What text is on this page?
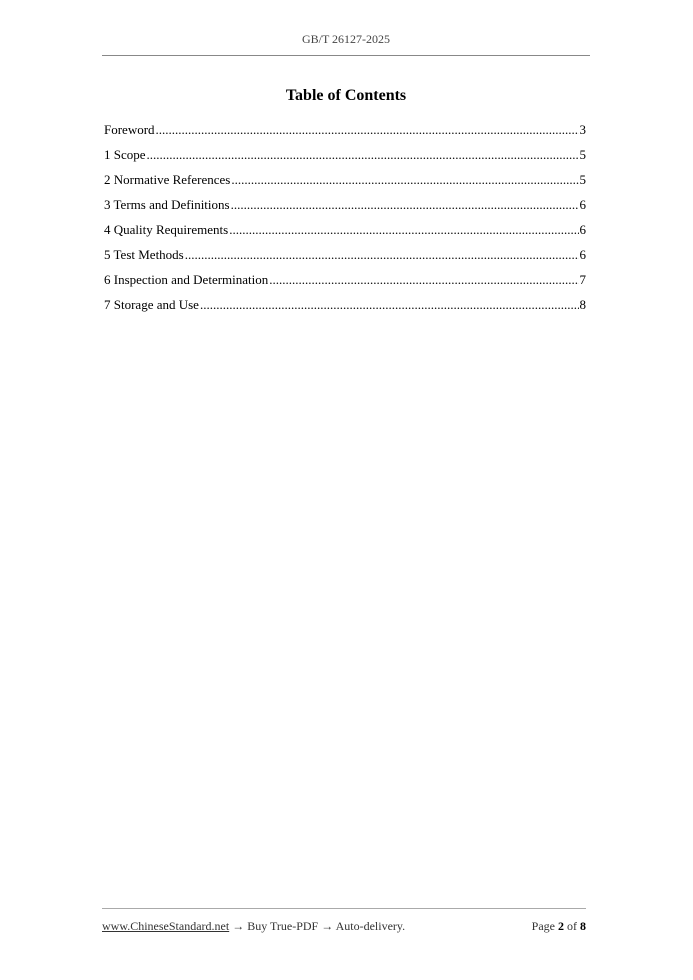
GB/T 26127-2025
Table of Contents
Foreword .....	3
1 Scope .....	5
2 Normative References .....	5
3 Terms and Definitions .....	6
4 Quality Requirements .....	6
5 Test Methods .....	6
6 Inspection and Determination .....	7
7 Storage and Use .....	8
www.ChineseStandard.net → Buy True-PDF → Auto-delivery.	Page 2 of 8
